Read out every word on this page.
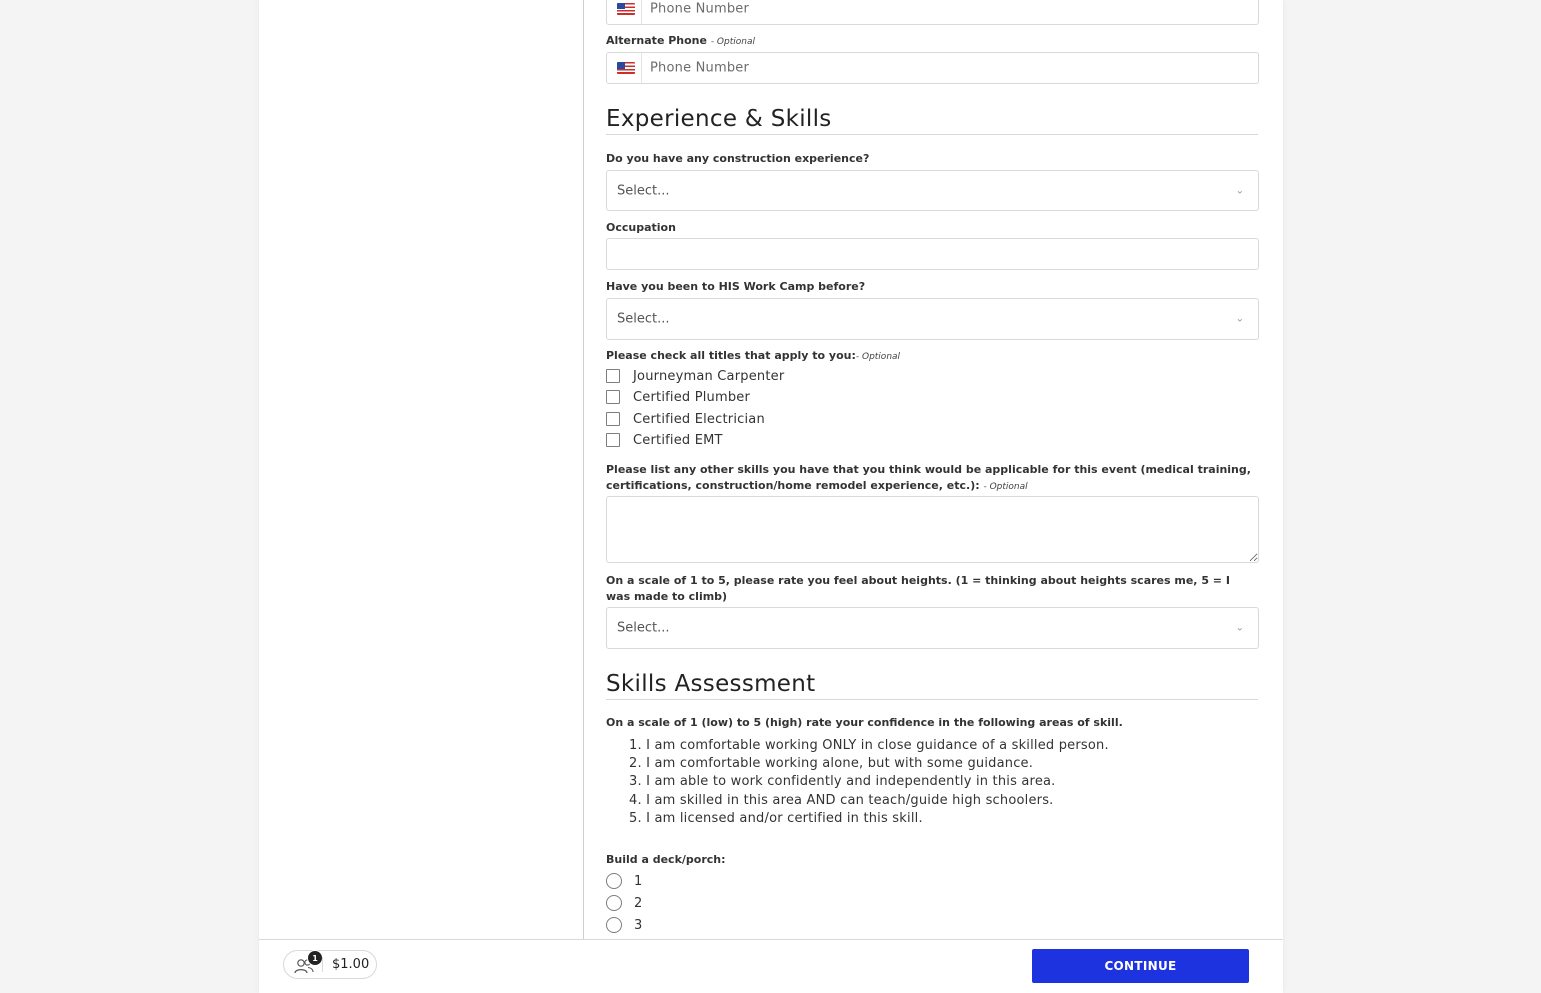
Phone Number
Alternate Phone - Optional
Phone Number
Experience & Skills
Do you have any construction experience?
Select...	⌄
Occupation
Have you been to HIS Work Camp before?
Select...	⌄
Please check all titles that apply to you:- Optional
Journeyman Carpenter
Certified Plumber
Certified Electrician
Certified EMT
Please list any other skills you have that you think would be applicable for this event (medical training, certifications, construction/home remodel experience, etc.): - Optional
On a scale of 1 to 5, please rate you feel about heights. (1 = thinking about heights scares me, 5 = I was made to climb)
Select...	⌄
Skills Assessment
On a scale of 1 (low) to 5 (high) rate your confidence in the following areas of skill.
1. I am comfortable working ONLY in close guidance of a skilled person.
2. I am comfortable working alone, but with some guidance.
3. I am able to work confidently and independently in this area.
4. I am skilled in this area AND can teach/guide high schoolers.
5. I am licensed and/or certified in this skill.
Build a deck/porch:
1
2
3
1	$1.00	CONTINUE
